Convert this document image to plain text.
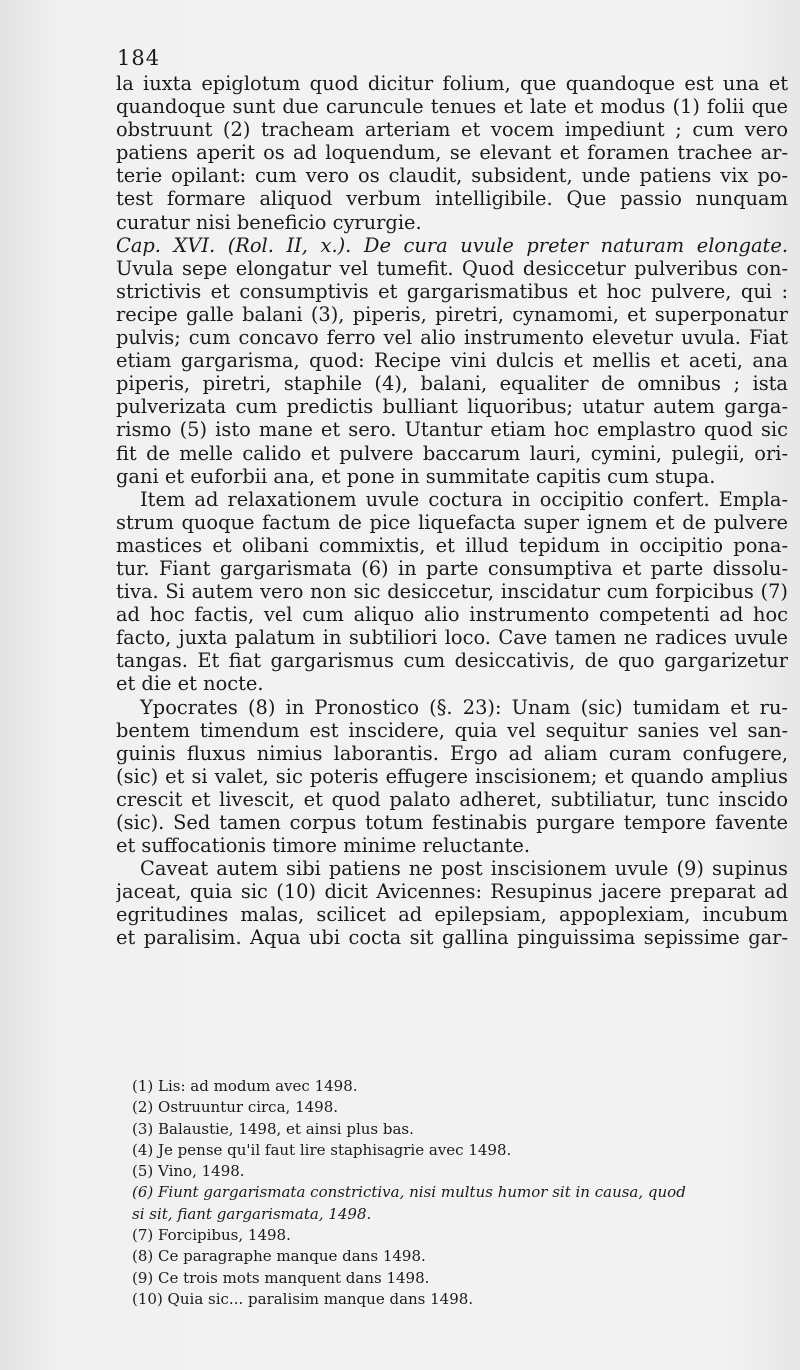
184
la iuxta epiglotum quod dicitur folium, que quandoque est una et
quandoque sunt due caruncule tenues et late et modus (1) folii que
obstruunt (2) tracheam arteriam et vocem impediunt ; cum vero
patiens aperit os ad loquendum, se elevant et foramen trachee ar-
terie opilant: cum vero os claudit, subsident, unde patiens vix po-
test formare aliquod verbum intelligibile. Que passio nunquam
curatur nisi beneficio cyrurgie.
Cap. XVI. (Rol. II, x.). De cura uvule preter naturam elongate.
Uvula sepe elongatur vel tumefit. Quod desiccetur pulveribus con-
strictivis et consumptivis et gargarismatibus et hoc pulvere, qui :
recipe galle balani (3), piperis, piretri, cynamomi, et superponatur
pulvis; cum concavo ferro vel alio instrumento elevetur uvula. Fiat
etiam gargarisma, quod: Recipe vini dulcis et mellis et aceti, ana
piperis, piretri, staphile (4), balani, equaliter de omnibus ; ista
pulverizata cum predictis bulliant liquoribus; utatur autem garga-
rismo (5) isto mane et sero. Utantur etiam hoc emplastro quod sic
fit de melle calido et pulvere baccarum lauri, cymini, pulegii, ori-
gani et euforbii ana, et pone in summitate capitis cum stupa.
Item ad relaxationem uvule coctura in occipitio confert. Empla-
strum quoque factum de pice liquefacta super ignem et de pulvere
mastices et olibani commixtis, et illud tepidum in occipitio pona-
tur. Fiant gargarismata (6) in parte consumptiva et parte dissolu-
tiva. Si autem vero non sic desiccetur, inscidatur cum forpicibus (7)
ad hoc factis, vel cum aliquo alio instrumento competenti ad hoc
facto, juxta palatum in subtiliori loco. Cave tamen ne radices uvule
tangas. Et fiat gargarismus cum desiccativis, de quo gargarizetur
et die et nocte.
Ypocrates (8) in Pronostico (§. 23): Unam (sic) tumidam et ru-
bentem timendum est inscidere, quia vel sequitur sanies vel san-
guinis fluxus nimius laborantis. Ergo ad aliam curam confugere,
(sic) et si valet, sic poteris effugere inscisionem; et quando amplius
crescit et livescit, et quod palato adheret, subtiliatur, tunc inscido
(sic). Sed tamen corpus totum festinabis purgare tempore favente
et suffocationis timore minime reluctante.
Caveat autem sibi patiens ne post inscisionem uvule (9) supinus
jaceat, quia sic (10) dicit Avicennes: Resupinus jacere preparat ad
egritudines malas, scilicet ad epilepsiam, appoplexiam, incubum
et paralisim. Aqua ubi cocta sit gallina pinguissima sepissime gar-
(1) Lis: ad modum avec 1498.
(2) Ostruuntur circa, 1498.
(3) Balaustie, 1498, et ainsi plus bas.
(4) Je pense qu'il faut lire staphisagrie avec 1498.
(5) Vino, 1498.
(6) Fiunt gargarismata constrictiva, nisi multus humor sit in causa, quod
si sit, fiant gargarismata, 1498.
(7) Forcipibus, 1498.
(8) Ce paragraphe manque dans 1498.
(9) Ce trois mots manquent dans 1498.
(10) Quia sic... paralisim manque dans 1498.
